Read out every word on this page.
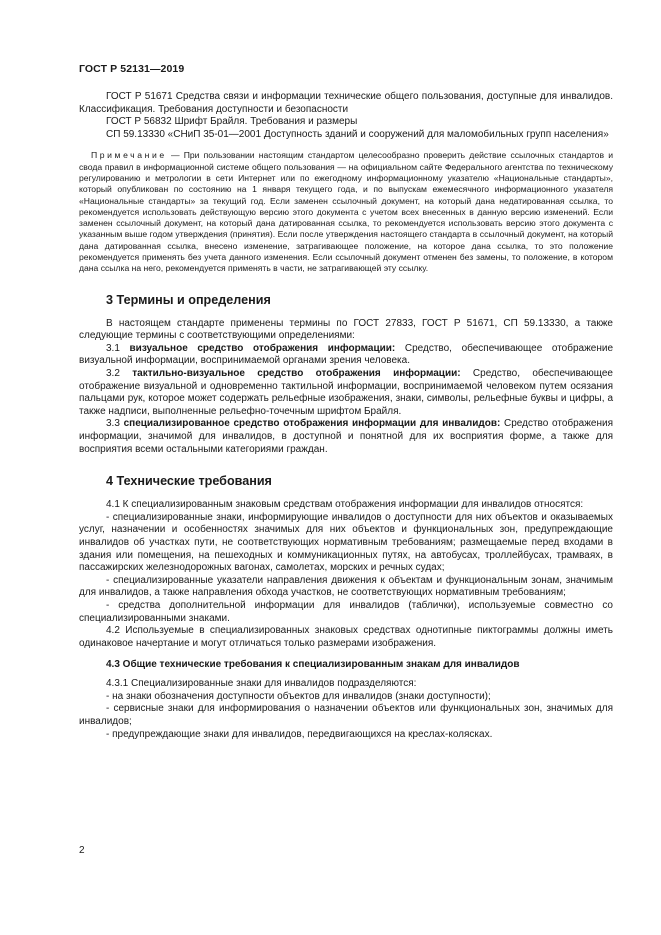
ГОСТ Р 52131—2019

ГОСТ Р 51671 Средства связи и информации технические общего пользования, доступные для инвалидов. Классификация. Требования доступности и безопасности

ГОСТ Р 56832 Шрифт Брайля. Требования и размеры

СП 59.13330 «СНиП 35-01—2001 Доступность зданий и сооружений для маломобильных групп населения»

Примечание — При пользовании настоящим стандартом целесообразно проверить действие ссылочных стандартов и свода правил в информационной системе общего пользования — на официальном сайте Федерального агентства по техническому регулированию и метрологии в сети Интернет или по ежегодному информационному указателю «Национальные стандарты», который опубликован по состоянию на 1 января текущего года, и по выпускам ежемесячного информационного указателя «Национальные стандарты» за текущий год. Если заменен ссылочный документ, на который дана недатированная ссылка, то рекомендуется использовать действующую версию этого документа с учетом всех внесенных в данную версию изменений. Если заменен ссылочный документ, на который дана датированная ссылка, то рекомендуется использовать версию этого документа с указанным выше годом утверждения (принятия). Если после утверждения настоящего стандарта в ссылочный документ, на который дана датированная ссылка, внесено изменение, затрагивающее положение, на которое дана ссылка, то это положение рекомендуется применять без учета данного изменения. Если ссылочный документ отменен без замены, то положение, в котором дана ссылка на него, рекомендуется применять в части, не затрагивающей эту ссылку.

3 Термины и определения

В настоящем стандарте применены термины по ГОСТ 27833, ГОСТ Р 51671, СП 59.13330, а также следующие термины с соответствующими определениями:

3.1 визуальное средство отображения информации: Средство, обеспечивающее отображение визуальной информации, воспринимаемой органами зрения человека.

3.2 тактильно-визуальное средство отображения информации: Средство, обеспечивающее отображение визуальной и одновременно тактильной информации, воспринимаемой человеком путем осязания пальцами рук, которое может содержать рельефные изображения, знаки, символы, рельефные буквы и цифры, а также надписи, выполненные рельефно-точечным шрифтом Брайля.

3.3 специализированное средство отображения информации для инвалидов: Средство отображения информации, значимой для инвалидов, в доступной и понятной для их восприятия форме, а также для восприятия всеми остальными категориями граждан.

4 Технические требования

4.1 К специализированным знаковым средствам отображения информации для инвалидов относятся:

- специализированные знаки, информирующие инвалидов о доступности для них объектов и оказываемых услуг, назначении и особенностях значимых для них объектов и функциональных зон, предупреждающие инвалидов об участках пути, не соответствующих нормативным требованиям; размещаемые перед входами в здания или помещения, на пешеходных и коммуникационных путях, на автобусах, троллейбусах, трамваях, в пассажирских железнодорожных вагонах, самолетах, морских и речных судах;

- специализированные указатели направления движения к объектам и функциональным зонам, значимым для инвалидов, а также направления обхода участков, не соответствующих нормативным требованиям;

- средства дополнительной информации для инвалидов (таблички), используемые совместно со специализированными знаками.

4.2 Используемые в специализированных знаковых средствах однотипные пиктограммы должны иметь одинаковое начертание и могут отличаться только размерами изображения.

4.3 Общие технические требования к специализированным знакам для инвалидов

4.3.1 Специализированные знаки для инвалидов подразделяются:

- на знаки обозначения доступности объектов для инвалидов (знаки доступности);

- сервисные знаки для информирования о назначении объектов или функциональных зон, значимых для инвалидов;

- предупреждающие знаки для инвалидов, передвигающихся на креслах-колясках.

2
